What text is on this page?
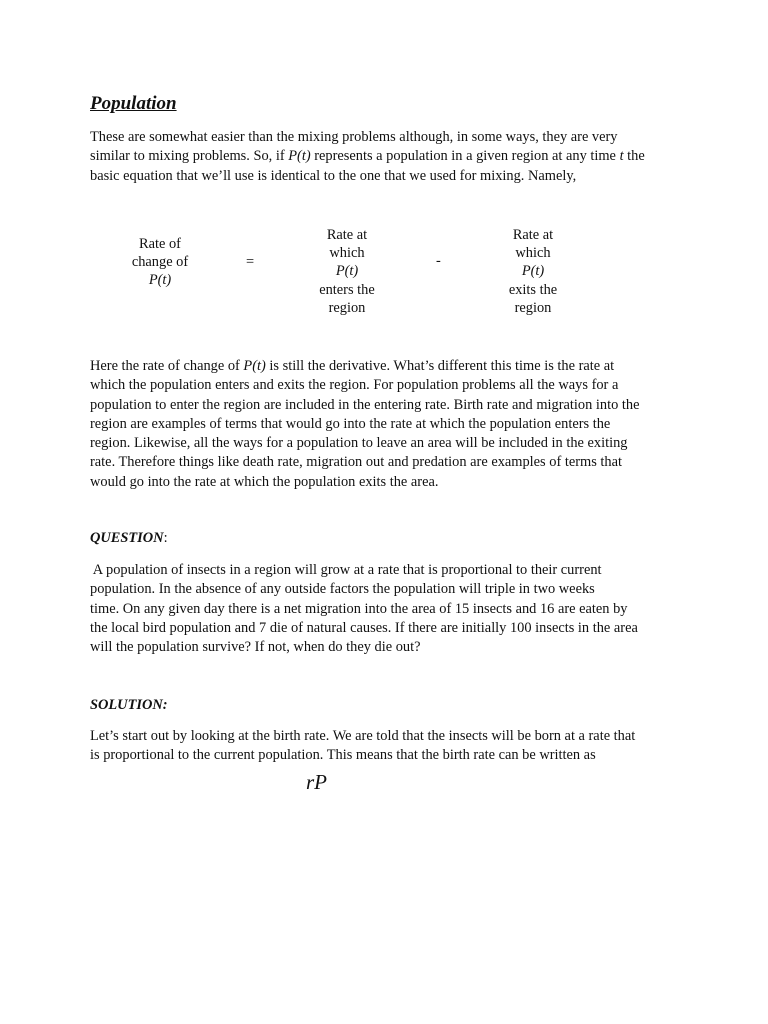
Population

These are somewhat easier than the mixing problems although, in some ways, they are very
similar to mixing problems. So, if P(t) represents a population in a given region at any time t the
basic equation that we’ll use is identical to the one that we used for mixing. Namely,

Rate of
change of
P(t)
=
Rate at
which
P(t)
enters the
region
-
Rate at
which
P(t)
exits the
region

Here the rate of change of P(t) is still the derivative. What’s different this time is the rate at
which the population enters and exits the region. For population problems all the ways for a
population to enter the region are included in the entering rate. Birth rate and migration into the
region are examples of terms that would go into the rate at which the population enters the
region. Likewise, all the ways for a population to leave an area will be included in the exiting
rate. Therefore things like death rate, migration out and predation are examples of terms that
would go into the rate at which the population exits the area.

QUESTION:

A population of insects in a region will grow at a rate that is proportional to their current
population. In the absence of any outside factors the population will triple in two weeks
time. On any given day there is a net migration into the area of 15 insects and 16 are eaten by
the local bird population and 7 die of natural causes. If there are initially 100 insects in the area
will the population survive? If not, when do they die out?

SOLUTION:

Let’s start out by looking at the birth rate. We are told that the insects will be born at a rate that
is proportional to the current population. This means that the birth rate can be written as

rP
